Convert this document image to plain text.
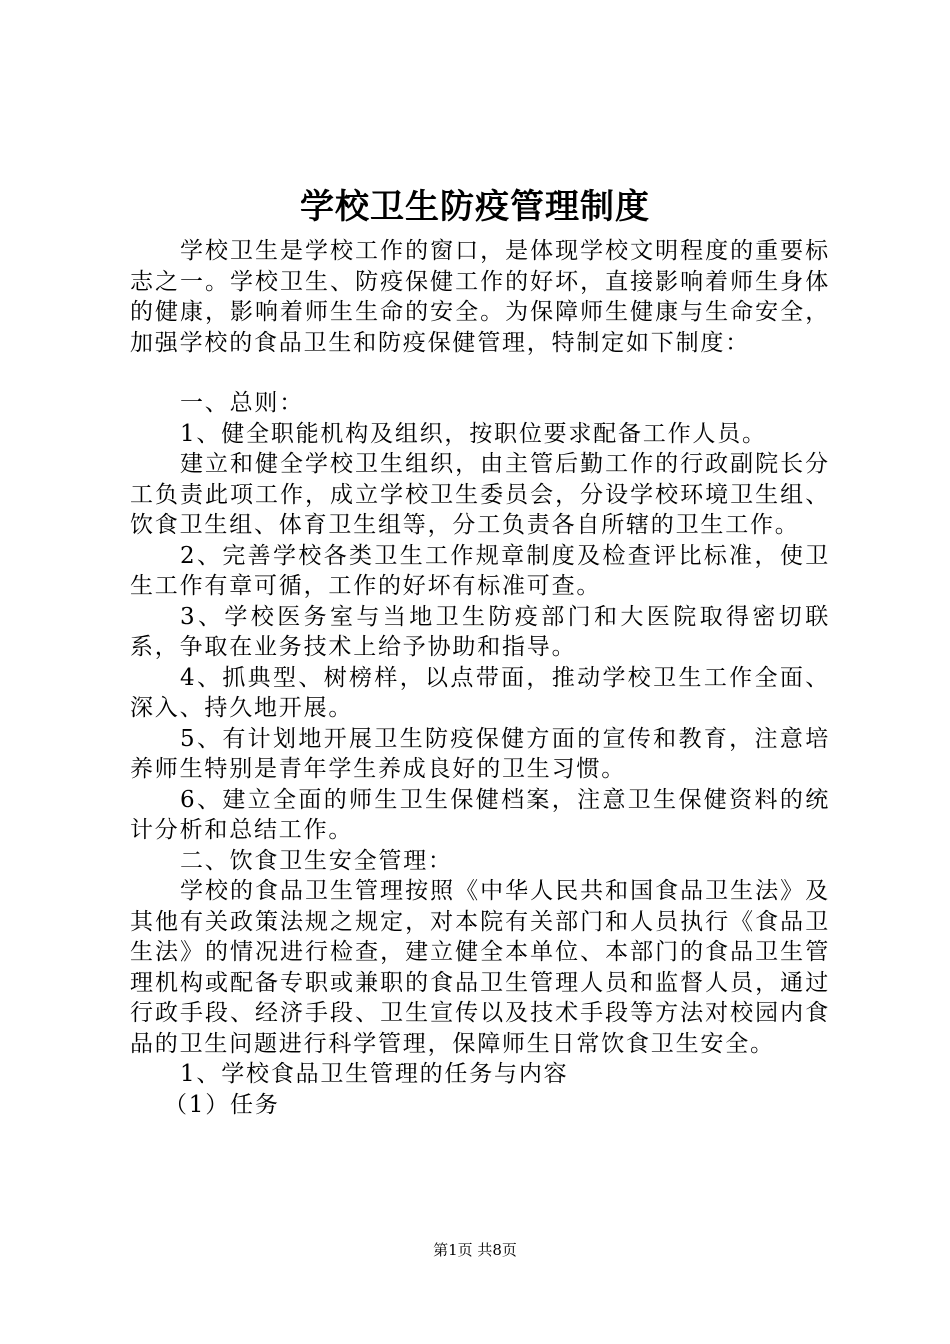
学校卫生防疫管理制度

学校卫生是学校工作的窗口，是体现学校文明程度的重要标志之一。学校卫生、防疫保健工作的好坏，直接影响着师生身体的健康，影响着师生生命的安全。为保障师生健康与生命安全，加强学校的食品卫生和防疫保健管理，特制定如下制度：

一、总则：

1、健全职能机构及组织，按职位要求配备工作人员。

建立和健全学校卫生组织，由主管后勤工作的行政副院长分工负责此项工作，成立学校卫生委员会，分设学校环境卫生组、饮食卫生组、体育卫生组等，分工负责各自所辖的卫生工作。

2、完善学校各类卫生工作规章制度及检查评比标准，使卫生工作有章可循，工作的好坏有标准可查。

3、学校医务室与当地卫生防疫部门和大医院取得密切联系，争取在业务技术上给予协助和指导。

4、抓典型、树榜样，以点带面，推动学校卫生工作全面、深入、持久地开展。

5、有计划地开展卫生防疫保健方面的宣传和教育，注意培养师生特别是青年学生养成良好的卫生习惯。

6、建立全面的师生卫生保健档案，注意卫生保健资料的统计分析和总结工作。

二、饮食卫生安全管理：

学校的食品卫生管理按照《中华人民共和国食品卫生法》及其他有关政策法规之规定，对本院有关部门和人员执行《食品卫生法》的情况进行检查，建立健全本单位、本部门的食品卫生管理机构或配备专职或兼职的食品卫生管理人员和监督人员，通过行政手段、经济手段、卫生宣传以及技术手段等方法对校园内食品的卫生问题进行科学管理，保障师生日常饮食卫生安全。

1、学校食品卫生管理的任务与内容

（1）任务

第1页 共8页
